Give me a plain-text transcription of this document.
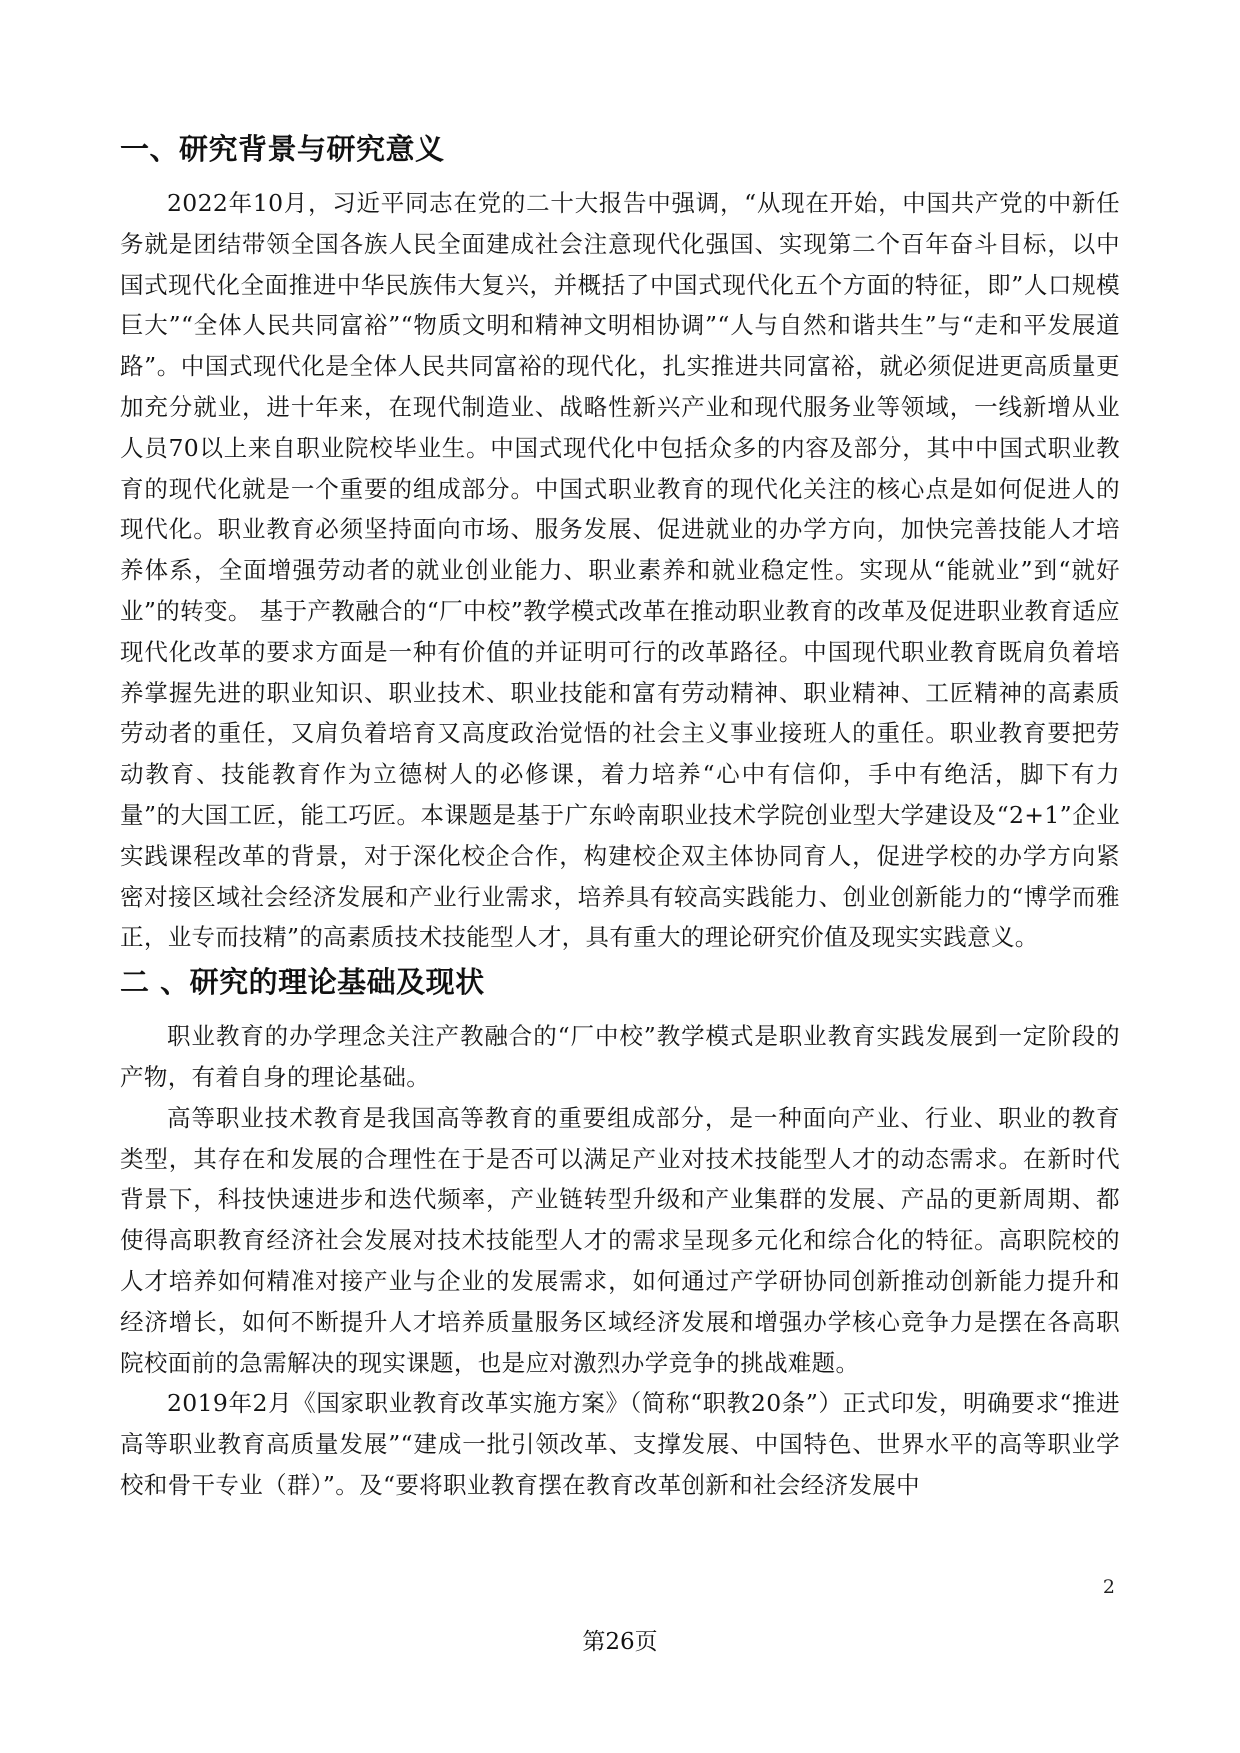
一、研究背景与研究意义

2022年10月，习近平同志在党的二十大报告中强调，“从现在开始，中国共产党的中新任务就是团结带领全国各族人民全面建成社会注意现代化强国、实现第二个百年奋斗目标，以中国式现代化全面推进中华民族伟大复兴，并概括了中国式现代化五个方面的特征，即”人口规模巨大”“全体人民共同富裕”“物质文明和精神文明相协调”“人与自然和谐共生”与“走和平发展道路”。中国式现代化是全体人民共同富裕的现代化，扎实推进共同富裕，就必须促进更高质量更加充分就业，进十年来，在现代制造业、战略性新兴产业和现代服务业等领域，一线新增从业人员70以上来自职业院校毕业生。中国式现代化中包括众多的内容及部分，其中中国式职业教育的现代化就是一个重要的组成部分。中国式职业教育的现代化关注的核心点是如何促进人的现代化。职业教育必须坚持面向市场、服务发展、促进就业的办学方向，加快完善技能人才培养体系，全面增强劳动者的就业创业能力、职业素养和就业稳定性。实现从“能就业”到“就好业”的转变。 基于产教融合的“厂中校”教学模式改革在推动职业教育的改革及促进职业教育适应现代化改革的要求方面是一种有价值的并证明可行的改革路径。中国现代职业教育既肩负着培养掌握先进的职业知识、职业技术、职业技能和富有劳动精神、职业精神、工匠精神的高素质劳动者的重任，又肩负着培育又高度政治觉悟的社会主义事业接班人的重任。职业教育要把劳动教育、技能教育作为立德树人的必修课，着力培养“心中有信仰，手中有绝活，脚下有力量”的大国工匠，能工巧匠。本课题是基于广东岭南职业技术学院创业型大学建设及“2+1”企业实践课程改革的背景，对于深化校企合作，构建校企双主体协同育人，促进学校的办学方向紧密对接区域社会经济发展和产业行业需求，培养具有较高实践能力、创业创新能力的“博学而雅正，业专而技精”的高素质技术技能型人才，具有重大的理论研究价值及现实实践意义。

二 、研究的理论基础及现状

职业教育的办学理念关注产教融合的“厂中校”教学模式是职业教育实践发展到一定阶段的产物，有着自身的理论基础。

高等职业技术教育是我国高等教育的重要组成部分，是一种面向产业、行业、职业的教育类型，其存在和发展的合理性在于是否可以满足产业对技术技能型人才的动态需求。在新时代背景下，科技快速进步和迭代频率，产业链转型升级和产业集群的发展、产品的更新周期、都使得高职教育经济社会发展对技术技能型人才的需求呈现多元化和综合化的特征。高职院校的人才培养如何精准对接产业与企业的发展需求，如何通过产学研协同创新推动创新能力提升和经济增长，如何不断提升人才培养质量服务区域经济发展和增强办学核心竞争力是摆在各高职院校面前的急需解决的现实课题，也是应对激烈办学竞争的挑战难题。

2019年2月《国家职业教育改革实施方案》（简称“职教20条”）正式印发，明确要求“推进高等职业教育高质量发展”“建成一批引领改革、支撑发展、中国特色、世界水平的高等职业学校和骨干专业（群）”。及“要将职业教育摆在教育改革创新和社会经济发展中

2
第26页
